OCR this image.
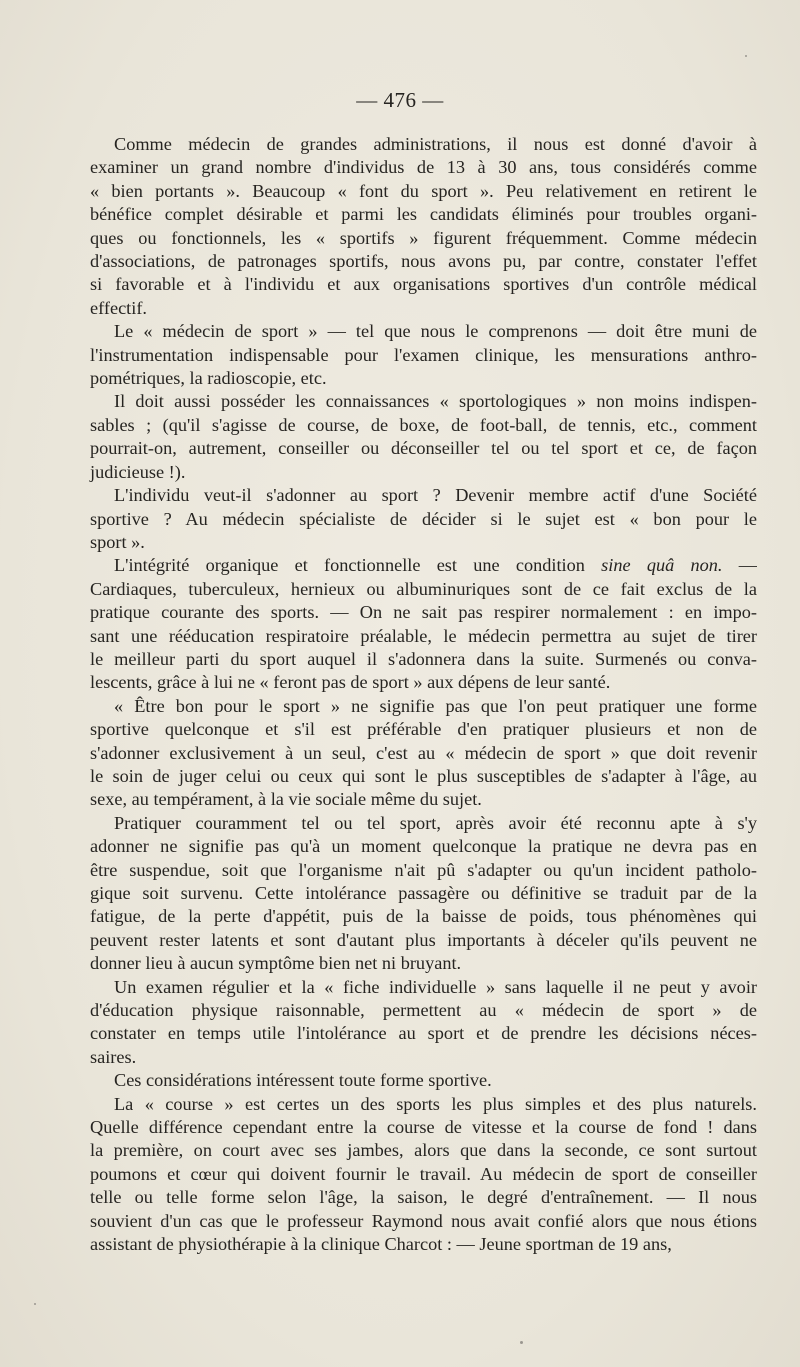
— 476 —
Comme médecin de grandes administrations, il nous est donné d'avoir à
examiner un grand nombre d'individus de 13 à 30 ans, tous considérés comme
« bien portants ». Beaucoup « font du sport ». Peu relativement en retirent le
bénéfice complet désirable et parmi les candidats éliminés pour troubles organi-
ques ou fonctionnels, les « sportifs » figurent fréquemment. Comme médecin
d'associations, de patronages sportifs, nous avons pu, par contre, constater l'effet
si favorable et à l'individu et aux organisations sportives d'un contrôle médical
effectif.
Le « médecin de sport » — tel que nous le comprenons — doit être muni de
l'instrumentation indispensable pour l'examen clinique, les mensurations anthro-
pométriques, la radioscopie, etc.
Il doit aussi posséder les connaissances « sportologiques » non moins indispen-
sables ; (qu'il s'agisse de course, de boxe, de foot-ball, de tennis, etc., comment
pourrait-on, autrement, conseiller ou déconseiller tel ou tel sport et ce, de façon
judicieuse !).
L'individu veut-il s'adonner au sport ? Devenir membre actif d'une Société
sportive ? Au médecin spécialiste de décider si le sujet est « bon pour le
sport ».
L'intégrité organique et fonctionnelle est une condition sine quâ non. —
Cardiaques, tuberculeux, hernieux ou albuminuriques sont de ce fait exclus de la
pratique courante des sports. — On ne sait pas respirer normalement : en impo-
sant une rééducation respiratoire préalable, le médecin permettra au sujet de tirer
le meilleur parti du sport auquel il s'adonnera dans la suite. Surmenés ou conva-
lescents, grâce à lui ne « feront pas de sport » aux dépens de leur santé.
« Être bon pour le sport » ne signifie pas que l'on peut pratiquer une forme
sportive quelconque et s'il est préférable d'en pratiquer plusieurs et non de
s'adonner exclusivement à un seul, c'est au « médecin de sport » que doit revenir
le soin de juger celui ou ceux qui sont le plus susceptibles de s'adapter à l'âge, au
sexe, au tempérament, à la vie sociale même du sujet.
Pratiquer couramment tel ou tel sport, après avoir été reconnu apte à s'y
adonner ne signifie pas qu'à un moment quelconque la pratique ne devra pas en
être suspendue, soit que l'organisme n'ait pû s'adapter ou qu'un incident patholo-
gique soit survenu. Cette intolérance passagère ou définitive se traduit par de la
fatigue, de la perte d'appétit, puis de la baisse de poids, tous phénomènes qui
peuvent rester latents et sont d'autant plus importants à déceler qu'ils peuvent ne
donner lieu à aucun symptôme bien net ni bruyant.
Un examen régulier et la « fiche individuelle » sans laquelle il ne peut y avoir
d'éducation physique raisonnable, permettent au « médecin de sport » de
constater en temps utile l'intolérance au sport et de prendre les décisions néces-
saires.
Ces considérations intéressent toute forme sportive.
La « course » est certes un des sports les plus simples et des plus naturels.
Quelle différence cependant entre la course de vitesse et la course de fond ! dans
la première, on court avec ses jambes, alors que dans la seconde, ce sont surtout
poumons et cœur qui doivent fournir le travail. Au médecin de sport de conseiller
telle ou telle forme selon l'âge, la saison, le degré d'entraînement. — Il nous
souvient d'un cas que le professeur Raymond nous avait confié alors que nous étions
assistant de physiothérapie à la clinique Charcot : — Jeune sportman de 19 ans,
